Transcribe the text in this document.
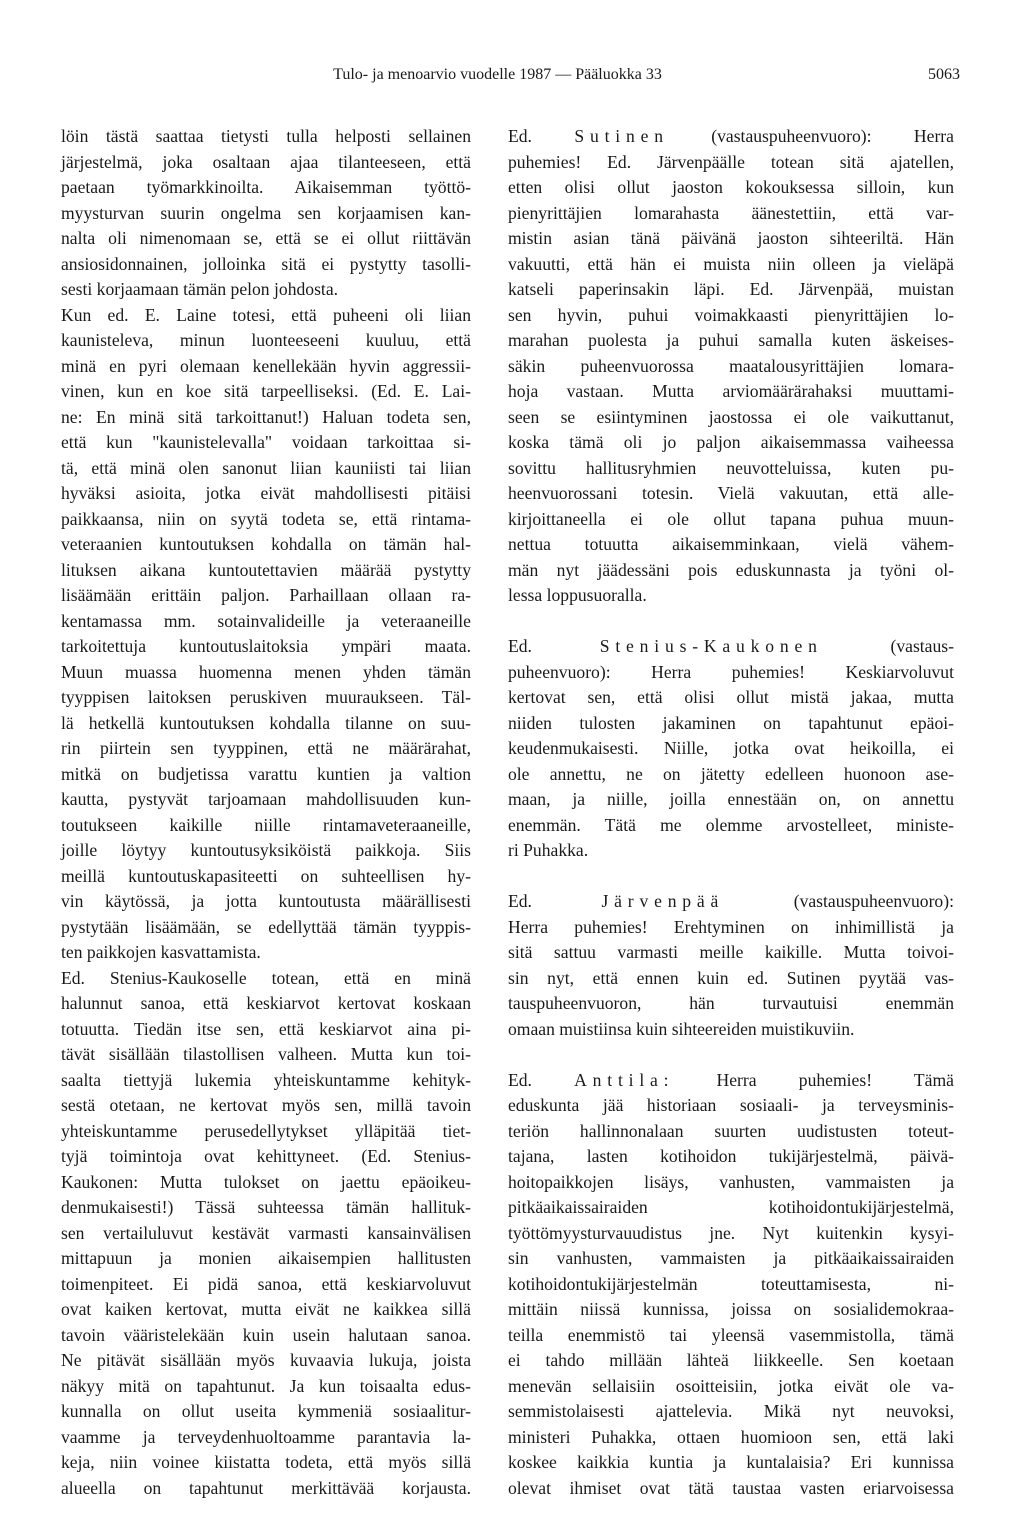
Tulo- ja menoarvio vuodelle 1987 — Pääluokka 33	5063
löin tästä saattaa tietysti tulla helposti sellainen
järjestelmä, joka osaltaan ajaa tilanteeseen, että
paetaan työmarkkinoilta. Aikaisemman työttö-
myysturvan suurin ongelma sen korjaamisen kan-
nalta oli nimenomaan se, että se ei ollut riittävän
ansiosidonnainen, jolloinka sitä ei pystytty tasolli-
sesti korjaamaan tämän pelon johdosta.
Kun ed. E. Laine totesi, että puheeni oli liian
kaunisteleva, minun luonteeseeni kuuluu, että
minä en pyri olemaan kenellekään hyvin aggressii-
vinen, kun en koe sitä tarpeelliseksi. (Ed. E. Lai-
ne: En minä sitä tarkoittanut!) Haluan todeta sen,
että kun "kaunistelevalla" voidaan tarkoittaa si-
tä, että minä olen sanonut liian kauniisti tai liian
hyväksi asioita, jotka eivät mahdollisesti pitäisi
paikkaansa, niin on syytä todeta se, että rintama-
veteraanien kuntoutuksen kohdalla on tämän hal-
lituksen aikana kuntoutettavien määrää pystytty
lisäämään erittäin paljon. Parhaillaan ollaan ra-
kentamassa mm. sotainvalideille ja veteraaneille
tarkoitettuja kuntoutuslaitoksia ympäri maata.
Muun muassa huomenna menen yhden tämän
tyyppisen laitoksen peruskiven muuraukseen. Täl-
lä hetkellä kuntoutuksen kohdalla tilanne on suu-
rin piirtein sen tyyppinen, että ne määrärahat,
mitkä on budjetissa varattu kuntien ja valtion
kautta, pystyvät tarjoamaan mahdollisuuden kun-
toutukseen kaikille niille rintamaveteraaneille,
joille löytyy kuntoutusyksiköistä paikkoja. Siis
meillä kuntoutuskapasiteetti on suhteellisen hy-
vin käytössä, ja jotta kuntoutusta määrällisesti
pystytään lisäämään, se edellyttää tämän tyyppis-
ten paikkojen kasvattamista.
Ed. Stenius-Kaukoselle totean, että en minä
halunnut sanoa, että keskiarvot kertovat koskaan
totuutta. Tiedän itse sen, että keskiarvot aina pi-
tävät sisällään tilastollisen valheen. Mutta kun toi-
saalta tiettyjä lukemia yhteiskuntamme kehityk-
sestä otetaan, ne kertovat myös sen, millä tavoin
yhteiskuntamme perusedellytykset ylläpitää tiet-
tyjä toimintoja ovat kehittyneet. (Ed. Stenius-
Kaukonen: Mutta tulokset on jaettu epäoikeu-
denmukaisesti!) Tässä suhteessa tämän hallituk-
sen vertailuluvut kestävät varmasti kansainvälisen
mittapuun ja monien aikaisempien hallitusten
toimenpiteet. Ei pidä sanoa, että keskiarvoluvut
ovat kaiken kertovat, mutta eivät ne kaikkea sillä
tavoin vääristelekään kuin usein halutaan sanoa.
Ne pitävät sisällään myös kuvaavia lukuja, joista
näkyy mitä on tapahtunut. Ja kun toisaalta edus-
kunnalla on ollut useita kymmeniä sosiaalitur-
vaamme ja terveydenhuoltoamme parantavia la-
keja, niin voinee kiistatta todeta, että myös sillä
alueella on tapahtunut merkittävää korjausta.
Ed. Sutinen (vastauspuheenvuoro): Herra
puhemies! Ed. Järvenpäälle totean sitä ajatellen,
etten olisi ollut jaoston kokouksessa silloin, kun
pienyrittäjien lomarahasta äänestettiin, että var-
mistin asian tänä päivänä jaoston sihteeriltä. Hän
vakuutti, että hän ei muista niin olleen ja vieläpä
katseli paperinsakin läpi. Ed. Järvenpää, muistan
sen hyvin, puhui voimakkaasti pienyrittäjien lo-
marahan puolesta ja puhui samalla kuten äskeises-
säkin puheenvuorossa maatalousyrittäjien lomara-
hoja vastaan. Mutta arviomäärärahaksi muuttami-
seen se esiintyminen jaostossa ei ole vaikuttanut,
koska tämä oli jo paljon aikaisemmassa vaiheessa
sovittu hallitusryhmien neuvotteluissa, kuten pu-
heenvuorossani totesin. Vielä vakuutan, että alle-
kirjoittaneella ei ole ollut tapana puhua muun-
nettua totuutta aikaisemminkaan, vielä vähem-
män nyt jäädessäni pois eduskunnasta ja työni ol-
lessa loppusuoralla.
Ed.	Stenius-Kaukonen	(vastaus-
puheenvuoro): Herra puhemies! Keskiarvoluvut
kertovat sen, että olisi ollut mistä jakaa, mutta
niiden tulosten jakaminen on tapahtunut epäoi-
keudenmukaisesti. Niille, jotka ovat heikoilla, ei
ole annettu, ne on jätetty edelleen huonoon ase-
maan, ja niille, joilla ennestään on, on annettu
enemmän. Tätä me olemme arvostelleet, ministe-
ri Puhakka.
Ed.	Järvenpää	(vastauspuheenvuoro):
Herra puhemies! Erehtyminen on inhimillistä ja
sitä sattuu varmasti meille kaikille. Mutta toivoi-
sin nyt, että ennen kuin ed. Sutinen pyytää vas-
tauspuheenvuoron, hän turvautuisi enemmän
omaan muistiinsa kuin sihteereiden muistikuviin.
Ed. Anttila: Herra puhemies! Tämä
eduskunta jää historiaan sosiaali- ja terveysminis-
teriön hallinnonalaan suurten uudistusten toteut-
tajana, lasten kotihoidon tukijärjestelmä, päivä-
hoitopaikkojen lisäys, vanhusten, vammaisten ja
pitkäaikaissairaiden kotihoidontukijärjestelmä,
työttömyysturvauudistus jne. Nyt kuitenkin kysyi-
sin vanhusten, vammaisten ja pitkäaikaissairaiden
kotihoidontukijärjestelmän toteuttamisesta, ni-
mittäin niissä kunnissa, joissa on sosialidemokraa-
teilla enemmistö tai yleensä vasemmistolla, tämä
ei tahdo millään lähteä liikkeelle. Sen koetaan
menevän sellaisiin osoitteisiin, jotka eivät ole va-
semmistolaisesti ajattelevia. Mikä nyt neuvoksi,
ministeri Puhakka, ottaen huomioon sen, että laki
koskee kaikkia kuntia ja kuntalaisia? Eri kunnissa
olevat ihmiset ovat tätä taustaa vasten eriarvoisessa
